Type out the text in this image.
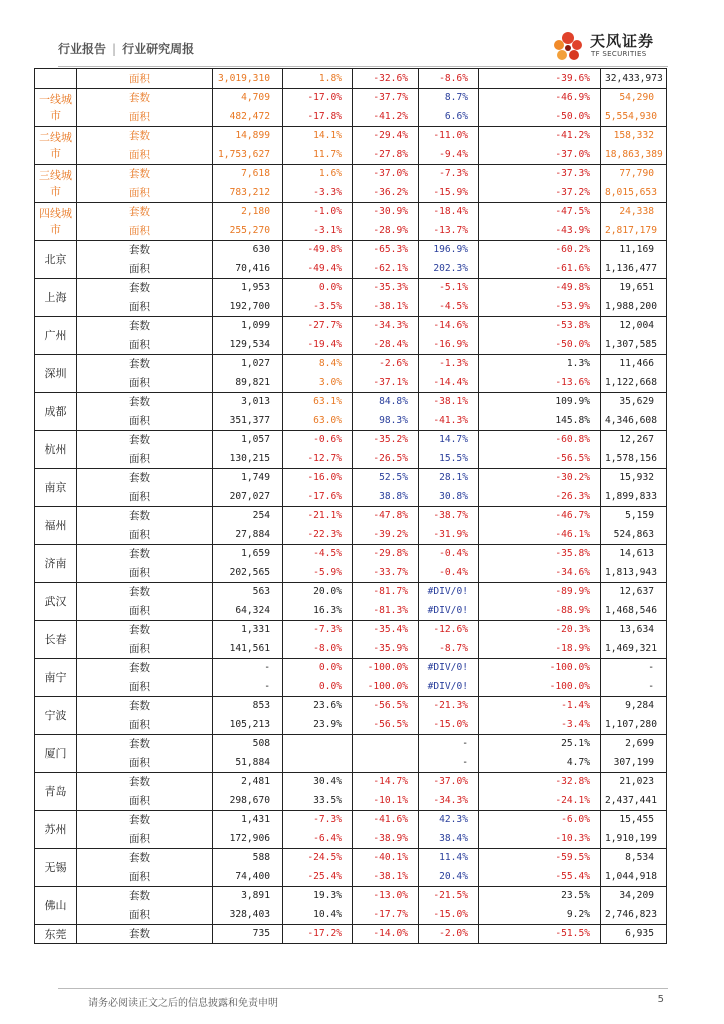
行业报告 | 行业研究周报	天风证券
TF SECURITIES
	面积	3,019,310	1.8%	-32.6%	-8.6%	-39.6%	32,433,973	
一线城市	套数	4,709	-17.0%	-37.7%	8.7%	-46.9%	54,290	
	面积	482,472	-17.8%	-41.2%	6.6%	-50.0%	5,554,930	
二线城市	套数	14,899	14.1%	-29.4%	-11.0%	-41.2%	158,332	
	面积	1,753,627	11.7%	-27.8%	-9.4%	-37.0%	18,863,389	
三线城市	套数	7,618	1.6%	-37.0%	-7.3%	-37.3%	77,790	
	面积	783,212	-3.3%	-36.2%	-15.9%	-37.2%	8,015,653	
四线城市	套数	2,180	-1.0%	-30.9%	-18.4%	-47.5%	24,338	
	面积	255,270	-3.1%	-28.9%	-13.7%	-43.9%	2,817,179	
北京	套数	630	-49.8%	-65.3%	196.9%	-60.2%	11,169	
	面积	70,416	-49.4%	-62.1%	202.3%	-61.6%	1,136,477	
上海	套数	1,953	0.0%	-35.3%	-5.1%	-49.8%	19,651	
	面积	192,700	-3.5%	-38.1%	-4.5%	-53.9%	1,988,200	
广州	套数	1,099	-27.7%	-34.3%	-14.6%	-53.8%	12,004	
	面积	129,534	-19.4%	-28.4%	-16.9%	-50.0%	1,307,585	
深圳	套数	1,027	8.4%	-2.6%	-1.3%	1.3%	11,466	
	面积	89,821	3.0%	-37.1%	-14.4%	-13.6%	1,122,668	
成都	套数	3,013	63.1%	84.8%	-38.1%	109.9%	35,629	
	面积	351,377	63.0%	98.3%	-41.3%	145.8%	4,346,608	
杭州	套数	1,057	-0.6%	-35.2%	14.7%	-60.8%	12,267	
	面积	130,215	-12.7%	-26.5%	15.5%	-56.5%	1,578,156	
南京	套数	1,749	-16.0%	52.5%	28.1%	-30.2%	15,932	
	面积	207,027	-17.6%	38.8%	30.8%	-26.3%	1,899,833	
福州	套数	254	-21.1%	-47.8%	-38.7%	-46.7%	5,159	
	面积	27,884	-22.3%	-39.2%	-31.9%	-46.1%	524,863	
济南	套数	1,659	-4.5%	-29.8%	-0.4%	-35.8%	14,613	
	面积	202,565	-5.9%	-33.7%	-0.4%	-34.6%	1,813,943	
武汉	套数	563	20.0%	-81.7%	#DIV/0!	-89.9%	12,637	
	面积	64,324	16.3%	-81.3%	#DIV/0!	-88.9%	1,468,546	
长春	套数	1,331	-7.3%	-35.4%	-12.6%	-20.3%	13,634	
	面积	141,561	-8.0%	-35.9%	-8.7%	-18.9%	1,469,321	
南宁	套数	-	0.0%	-100.0%	#DIV/0!	-100.0%	-	
	面积	-	0.0%	-100.0%	#DIV/0!	-100.0%	-	
宁波	套数	853	23.6%	-56.5%	-21.3%	-1.4%	9,284	
	面积	105,213	23.9%	-56.5%	-15.0%	-3.4%	1,107,280	
厦门	套数	508			-	25.1%	2,699	
	面积	51,884			-	4.7%	307,199	
青岛	套数	2,481	30.4%	-14.7%	-37.0%	-32.8%	21,023	
	面积	298,670	33.5%	-10.1%	-34.3%	-24.1%	2,437,441	
苏州	套数	1,431	-7.3%	-41.6%	42.3%	-6.0%	15,455	
	面积	172,906	-6.4%	-38.9%	38.4%	-10.3%	1,910,199	
无锡	套数	588	-24.5%	-40.1%	11.4%	-59.5%	8,534	
	面积	74,400	-25.4%	-38.1%	20.4%	-55.4%	1,044,918	
佛山	套数	3,891	19.3%	-13.0%	-21.5%	23.5%	34,209	
	面积	328,403	10.4%	-17.7%	-15.0%	9.2%	2,746,823	
东莞	套数	735	-17.2%	-14.0%	-2.0%	-51.5%	6,935	
请务必阅读正文之后的信息披露和免责申明	5
